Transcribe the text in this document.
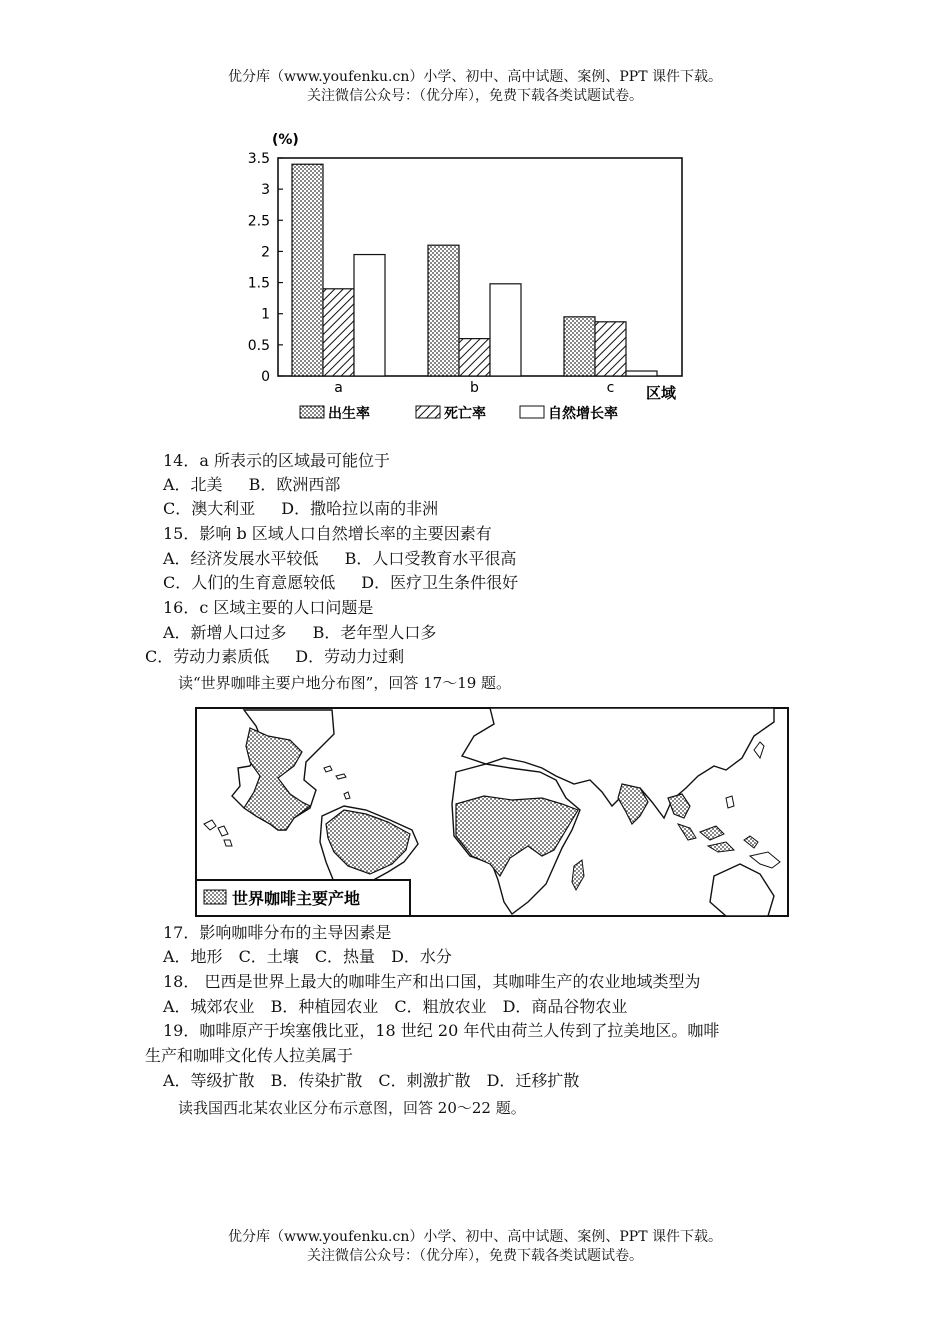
优分库（www.youfenku.cn）小学、初中、高中试题、案例、PPT 课件下载。
关注微信公众号：（优分库），免费下载各类试题试卷。
(%)
0
0.5
1
1.5
2
2.5
3
3.5
a	b	c 区域
出生率	死亡率	自然增长率
14．a 所表示的区域最可能位于
A．北美 B．欧洲西部
C．澳大利亚 D．撒哈拉以南的非洲
15．影响 b 区域人口自然增长率的主要因素有
A．经济发展水平较低 B．人口受教育水平很高
C．人们的生育意愿较低 D．医疗卫生条件很好
16．c 区域主要的人口问题是
A．新增人口过多 B．老年型人口多
C．劳动力素质低 D．劳动力过剩
读“世界咖啡主要户地分布图”，回答 17～19 题。
世界咖啡主要产地
17．影响咖啡分布的主导因素是
A．地形 C．土壤 C．热量 D．水分
18． 巴西是世界上最大的咖啡生产和出口国，其咖啡生产的农业地域类型为
A．城郊农业 B．种植园农业 C．粗放农业 D．商品谷物农业
19．咖啡原产于埃塞俄比亚，18 世纪 20 年代由荷兰人传到了拉美地区。咖啡
生产和咖啡文化传人拉美属于
A．等级扩散 B．传染扩散 C．刺激扩散 D．迁移扩散
读我国西北某农业区分布示意图，回答 20～22 题。
优分库（www.youfenku.cn）小学、初中、高中试题、案例、PPT 课件下载。
关注微信公众号：（优分库），免费下载各类试题试卷。
